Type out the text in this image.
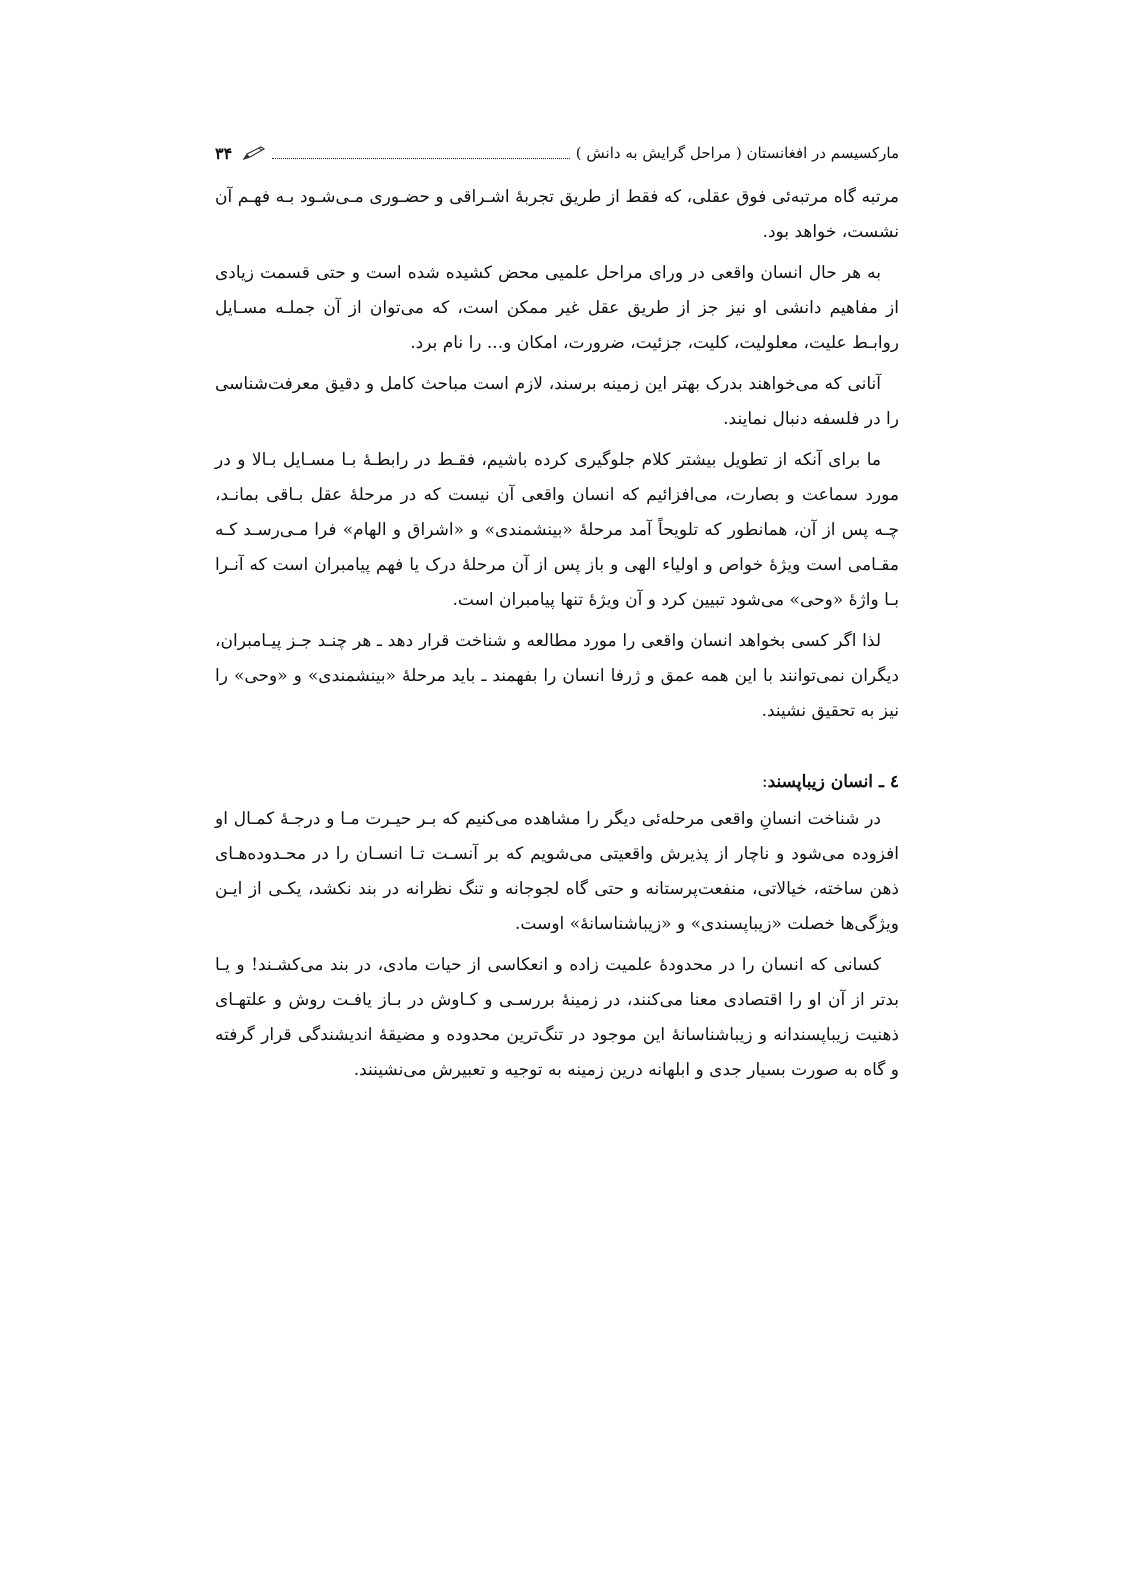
مارکسیسم در افغانستان ( مراحل گرایش به دانش )
۳۴

مرتبه گاه مرتبه‌ئی فوق عقلی، که فقط از طریق تجربهٔ اشـراقی و حضـوری مـی‌شـود بـه فهـم آن نشست، خواهد بود.

به هر حال انسان واقعی در ورای مراحل علمیی محض کشیده شده است و حتی قسمت زیادی از مفاهیم دانشی او نیز جز از طریق عقل غیر ممکن است، که می‌توان از آن جملـه مسـایل روابـط علیت، معلولیت، کلیت، جزئیت، ضرورت، امکان و... را نام برد.

آنانی که می‌خواهند بدرک بهتر این زمینه برسند، لازم است مباحث کامل و دقیق معرفت‌شناسی را در فلسفه دنبال نمایند.

ما برای آنکه از تطویل بیشتر کلام جلوگیری کرده باشیم، فقـط در رابطـهٔ بـا مسـایل بـالا و در مورد سماعت و بصارت، می‌افزائیم که انسان واقعی آن نیست که در مرحلهٔ عقل بـاقی بمانـد، چـه پس از آن، همانطور که تلویحاً آمد مرحلهٔ «بینشمندی» و «اشراق و الهام» فرا مـی‌رسـد کـه مقـامی است ویژهٔ خواص و اولیاء الهی و باز پس از آن مرحلهٔ درک یا فهم پیامبران است که آنـرا بـا واژهٔ «وحی» می‌شود تبیین کرد و آن ویژهٔ تنها پیامبران است.

لذا اگر کسی بخواهد انسان واقعی را مورد مطالعه و شناخت قرار دهد ـ هر چنـد جـز پیـامبران، دیگران نمی‌توانند با این همه عمق و ژرفا انسان را بفهمند ـ باید مرحلهٔ «بینشمندی» و «وحی» را نیز به تحقیق نشیند.

٤ ـ انسان زیباپسند:

در شناخت انسانِ واقعی مرحله‌ئی دیگر را مشاهده می‌کنیم که بـر حیـرت مـا و درجـهٔ کمـال او افزوده می‌شود و ناچار از پذیرش واقعیتی می‌شویم که بر آنسـت تـا انسـان را در محـدوده‌هـای ذهن ساخته، خیالاتی، منفعت‌پرستانه و حتی گاه لجوجانه و تنگ نظرانه در بند نکشد، یکـی از ایـن ویژگی‌ها خصلت «زیباپسندی» و «زیباشناسانهٔ» اوست.

کسانی که انسان را در محدودهٔ علمیت زاده و انعکاسی از حیات مادی، در بند می‌کشـند! و یـا بدتر از آن او را اقتصادی معنا می‌کنند، در زمینهٔ بررسـی و کـاوش در بـاز یافـت روش و علتهـای ذهنیت زیباپسندانه و زیباشناسانهٔ این موجود در تنگ‌ترین محدوده و مضیقهٔ اندیشندگی قرار گرفته و گاه به صورت بسیار جدی و ابلهانه درین زمینه به توجیه و تعبیرش می‌نشینند.
